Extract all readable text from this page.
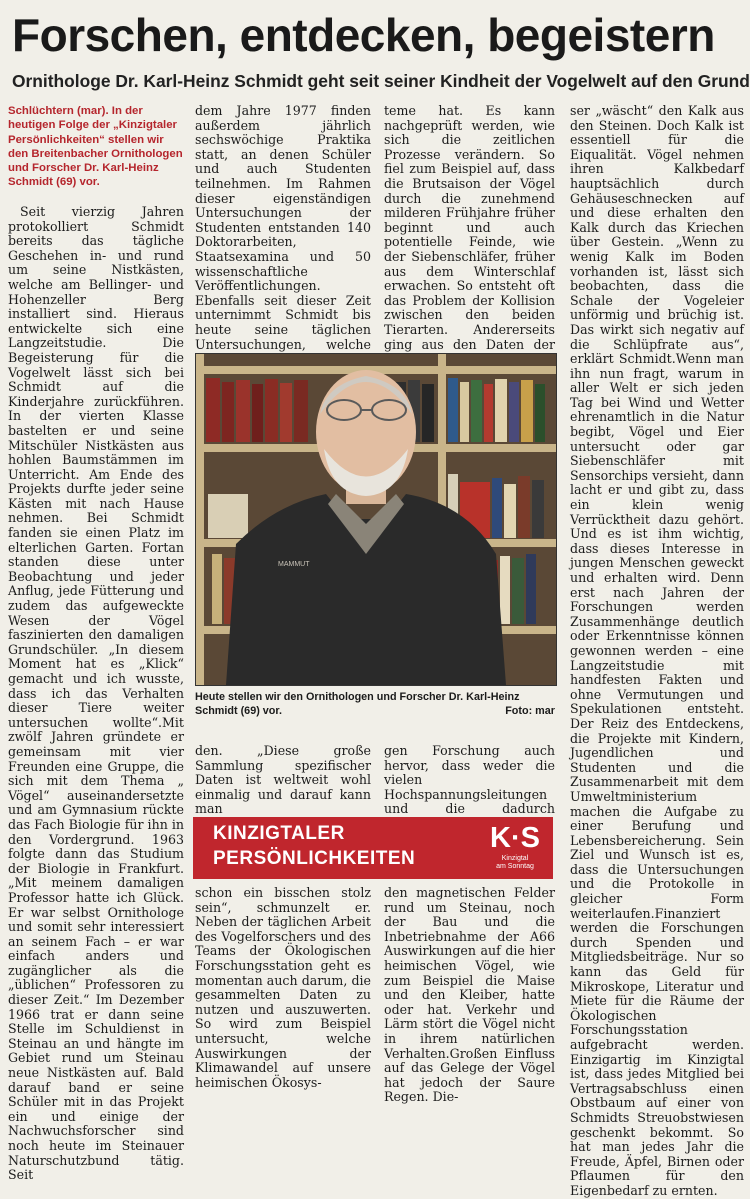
Forschen, entdecken, begeistern
Ornithologe Dr. Karl-Heinz Schmidt geht seit seiner Kindheit der Vogelwelt auf den Grund
Schlüchtern (mar). In der heutigen Folge der „Kinzigtaler Persönlichkeiten“ stellen wir den Breitenbacher Ornithologen und Forscher Dr. Karl-Heinz Schmidt (69) vor.

Seit vierzig Jahren protokolliert Schmidt bereits das tägliche Geschehen in- und rund um seine Nistkästen, welche am Bellinger- und Hohenzeller Berg installiert sind. Hieraus entwickelte sich eine Langzeitstudie. Die Begeisterung für die Vogelwelt lässt sich bei Schmidt auf die Kinderjahre zurückführen. In der vierten Klasse bastelten er und seine Mitschüler Nistkästen aus hohlen Baumstämmen im Unterricht. Am Ende des Projekts durfte jeder seine Kästen mit nach Hause nehmen. Bei Schmidt fanden sie einen Platz im elterlichen Garten. Fortan standen diese unter Beobachtung und jeder Anflug, jede Fütterung und zudem das aufgeweckte Wesen der Vögel faszinierten den damaligen Grundschüler. „In diesem Moment hat es „Klick“ gemacht und ich wusste, dass ich das Verhalten dieser Tiere weiter untersuchen wollte“.Mit zwölf Jahren gründete er gemeinsam mit vier Freunden eine Gruppe, die sich mit dem Thema „ Vögel“ auseinandersetzte und am Gymnasium rückte das Fach Biologie für ihn in den Vordergrund. 1963 folgte dann das Studium der Biologie in Frankfurt. „Mit meinem damaligen Professor hatte ich Glück. Er war selbst Ornithologe und somit sehr interessiert an seinem Fach – er war einfach anders und zugänglicher als die „üblichen“ Professoren zu dieser Zeit.“ Im Dezember 1966 trat er dann seine Stelle im Schuldienst in Steinau an und hängte im Gebiet rund um Steinau neue Nistkästen auf. Bald darauf band er seine Schüler mit in das Projekt ein und einige der Nachwuchsforscher sind noch heute im Steinauer Naturschutzbund tätig. Seit

dem Jahre 1977 finden außerdem jährlich sechswöchige Praktika statt, an denen Schüler und auch Studenten teilnehmen. Im Rahmen dieser eigenständigen Untersuchungen der Studenten entstanden 140 Doktorarbeiten, Staatsexamina und 50 wissenschaftliche Veröffentlichungen. Ebenfalls seit dieser Zeit unternimmt Schmidt bis heute seine täglichen Untersuchungen, welche

teme hat. Es kann nachgeprüft werden, wie sich die zeitlichen Prozesse verändern. So fiel zum Beispiel auf, dass die Brutsaison der Vögel durch die zunehmend milderen Frühjahre früher beginnt und auch potentielle Feinde, wie der Siebenschläfer, früher aus dem Winterschlaf erwachen. So entsteht oft das Problem der Kollision zwischen den beiden Tierarten. Andererseits ging aus den Daten der

MAMMUT
Heute stellen wir den Ornithologen und Forscher Dr. Karl-Heinz Schmidt (69) vor.	Foto: mar

den. „Diese große Sammlung spezifischer Daten ist weltweit wohl einmalig und darauf kann man

gen Forschung auch hervor, dass weder die vielen Hochspannungsleitungen und die dadurch

KINZIGTALER
PERSÖNLICHKEITEN
K·S
Kinzigtal
am Sonntag

schon ein bisschen stolz sein“, schmunzelt er. Neben der täglichen Arbeit des Vogelforschers und des Teams der Ökologischen Forschungsstation geht es momentan auch darum, die gesammelten Daten zu nutzen und auszuwerten. So wird zum Beispiel untersucht, welche Auswirkungen der Klimawandel auf unsere heimischen Ökosys-

den magnetischen Felder rund um Steinau, noch der Bau und die Inbetriebnahme der A66 Auswirkungen auf die hier heimischen Vögel, wie zum Beispiel die Maise und den Kleiber, hatte oder hat. Verkehr und Lärm stört die Vögel nicht in ihrem natürlichen Verhalten.Großen Einfluss auf das Gelege der Vögel hat jedoch der Saure Regen. Die-

ser „wäscht“ den Kalk aus den Steinen. Doch Kalk ist essentiell für die Eiqualität. Vögel nehmen ihren Kalkbedarf hauptsächlich durch Gehäuseschnecken auf und diese erhalten den Kalk durch das Kriechen über Gestein. „Wenn zu wenig Kalk im Boden vorhanden ist, lässt sich beobachten, dass die Schale der Vogeleier unförmig und brüchig ist. Das wirkt sich negativ auf die Schlüpfrate aus“, erklärt Schmidt.Wenn man ihn nun fragt, warum in aller Welt er sich jeden Tag bei Wind und Wetter ehrenamtlich in die Natur begibt, Vögel und Eier untersucht oder gar Siebenschläfer mit Sensorchips versieht, dann lacht er und gibt zu, dass ein klein wenig Verrücktheit dazu gehört. Und es ist ihm wichtig, dass dieses Interesse in jungen Menschen geweckt und erhalten wird. Denn erst nach Jahren der Forschungen werden Zusammenhänge deutlich oder Erkenntnisse können gewonnen werden – eine Langzeitstudie mit handfesten Fakten und ohne Vermutungen und Spekulationen entsteht. Der Reiz des Entdeckens, die Projekte mit Kindern, Jugendlichen und Studenten und die Zusammenarbeit mit dem Umweltministerium machen die Aufgabe zu einer Berufung und Lebensbereicherung. Sein Ziel und Wunsch ist es, dass die Untersuchungen und die Protokolle in gleicher Form weiterlaufen.Finanziert werden die Forschungen durch Spenden und Mitgliedsbeiträge. Nur so kann das Geld für Mikroskope, Literatur und Miete für die Räume der Ökologischen Forschungsstation aufgebracht werden. Einzigartig im Kinzigtal ist, dass jedes Mitglied bei Vertragsabschluss einen Obstbaum auf einer von Schmidts Streuobstwiesen geschenkt bekommt. So hat man jedes Jahr die Freude, Äpfel, Birnen oder Pflaumen für den Eigenbedarf zu ernten.
